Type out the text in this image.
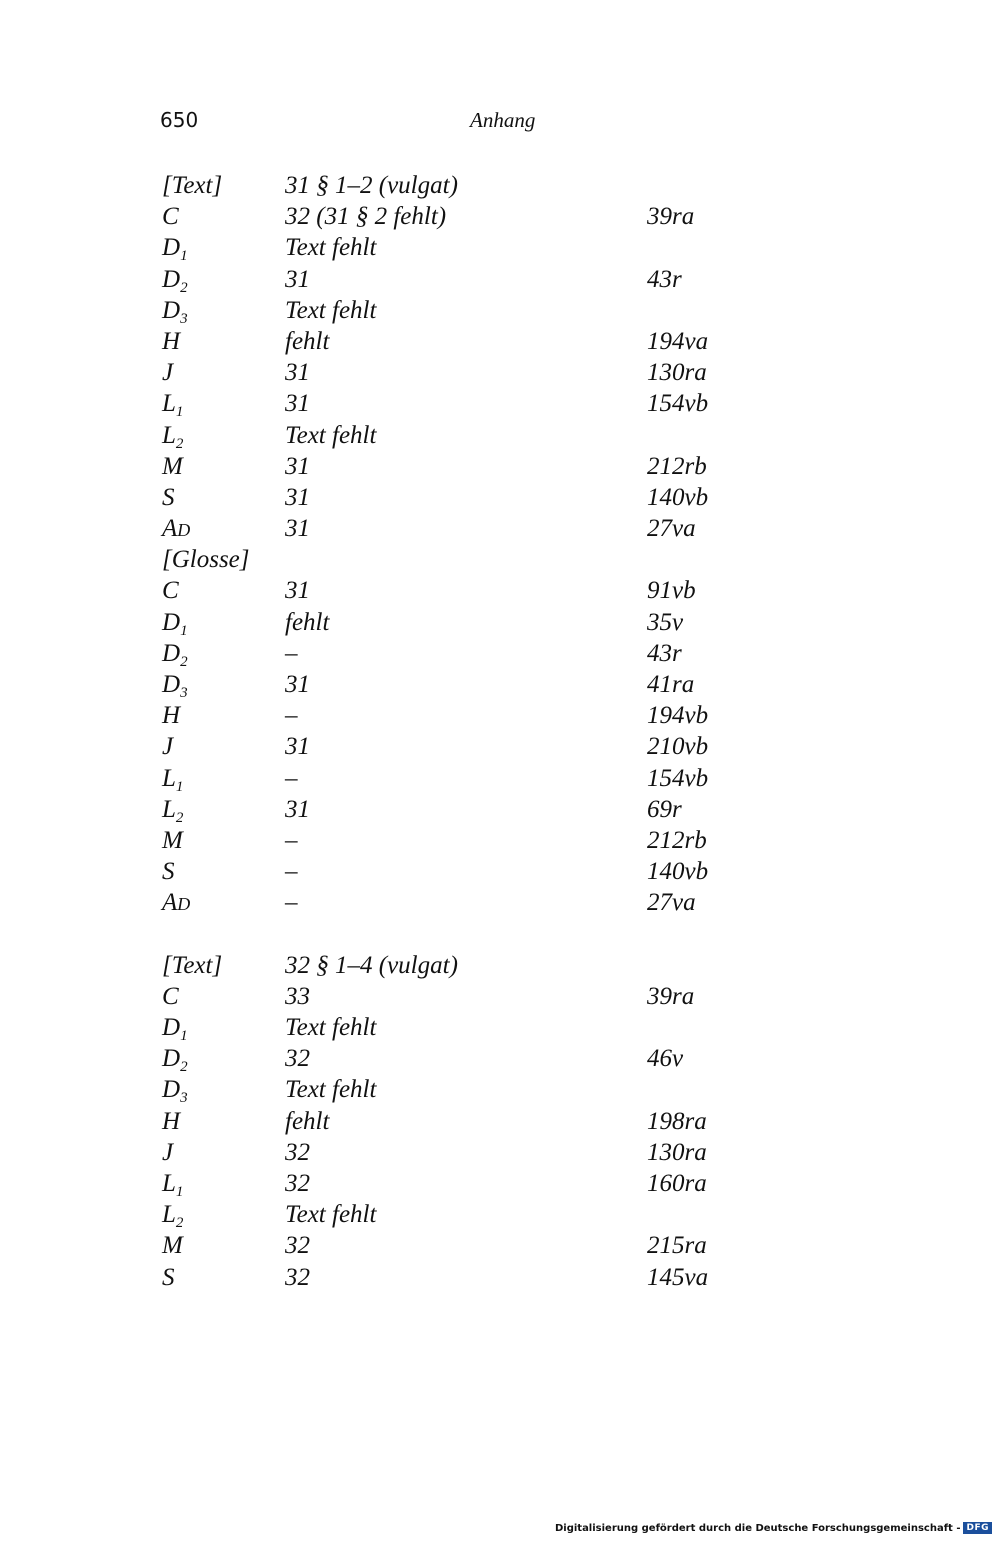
650	Anhang
[Text]	31 § 1–2 (vulgat)
C	32 (31 § 2 fehlt)	39ra
$D_1$	Text fehlt
$D_2$	31	43r
$D_3$	Text fehlt
H	fehlt	194va
J	31	130ra
$L_1$	31	154vb
$L_2$	Text fehlt
M	31	212rb
S	31	140vb
AD	31	27va
[Glosse]
C	31	91vb
$D_1$	fehlt	35v
$D_2$	–	43r
$D_3$	31	41ra
H	–	194vb
J	31	210vb
$L_1$	–	154vb
$L_2$	31	69r
M	–	212rb
S	–	140vb
AD	–	27va
[Text]	32 § 1–4 (vulgat)
C	33	39ra
$D_1$	Text fehlt
$D_2$	32	46v
$D_3$	Text fehlt
H	fehlt	198ra
J	32	130ra
$L_1$	32	160ra
$L_2$	Text fehlt
M	32	215ra
S	32	145va
Digitalisierung gefördert durch die Deutsche Forschungsgemeinschaft - DFG
